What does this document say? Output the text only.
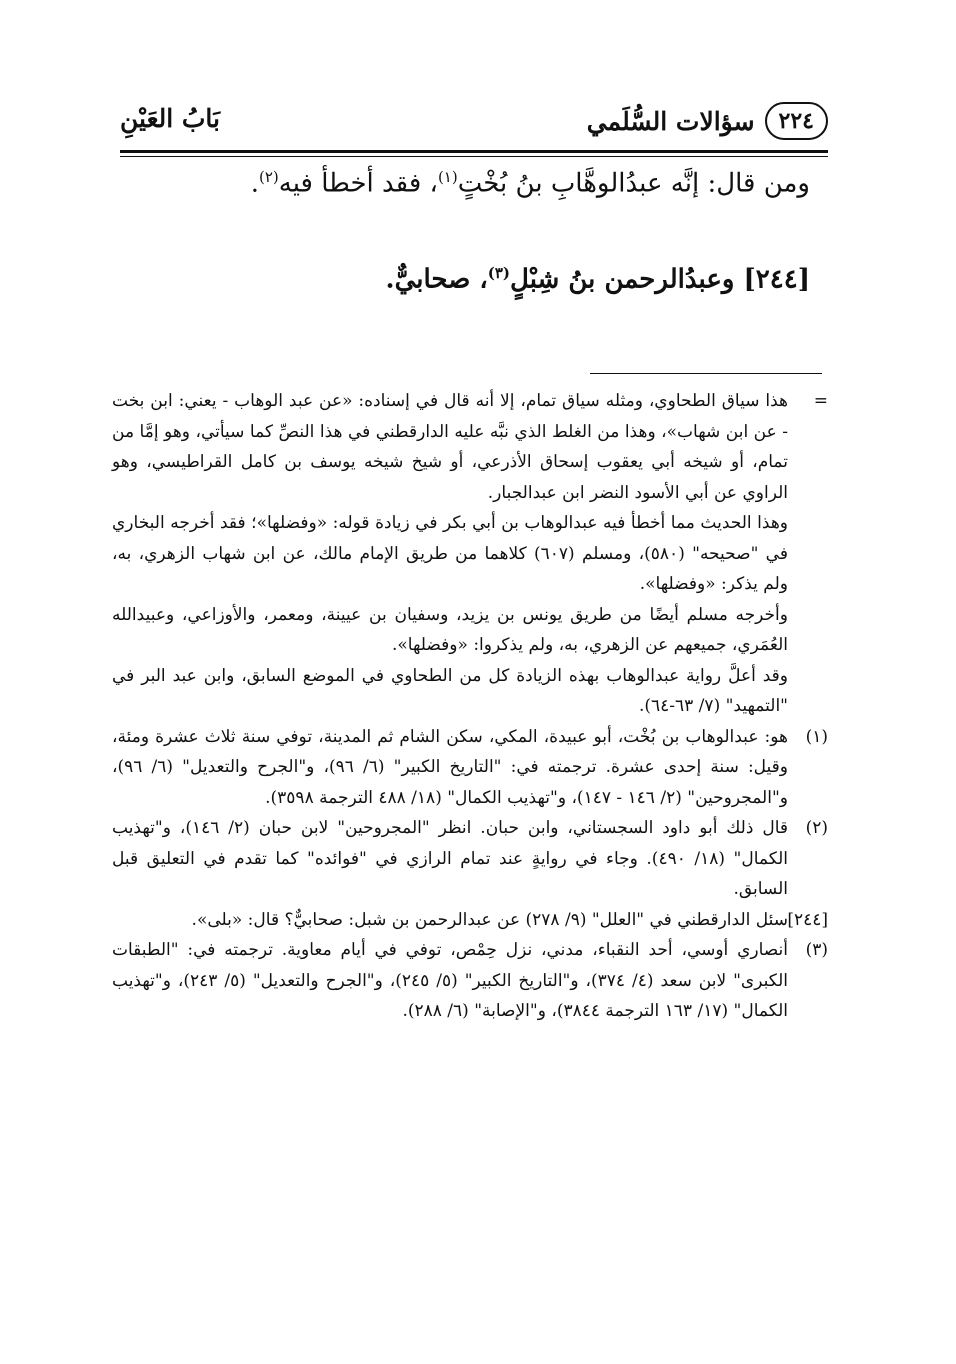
٢٢٤
سؤالات السُّلَمي
بَابُ العَيْنِ
ومن قال: إنَّه عبدُالوهَّابِ بنُ بُخْتٍ$^{(١)}$، فقد أخطأ فيه$^{(٢)}$.
[٢٤٤] وعبدُالرحمن بنُ شِبْلٍ$^{(٣)}$، صحابيٌّ.
=

هذا سياق الطحاوي، ومثله سياق تمام، إلا أنه قال في إسناده: «عن عبد الوهاب - يعني: ابن بخت - عن ابن شهاب»، وهذا من الغلط الذي نبَّه عليه الدارقطني في هذا النصِّ كما سيأتي، وهو إمَّا من تمام، أو شيخه أبي يعقوب إسحاق الأذرعي، أو شيخ شيخه يوسف بن كامل القراطيسي، وهو الراوي عن أبي الأسود النضر ابن عبدالجبار.

وهذا الحديث مما أخطأ فيه عبدالوهاب بن أبي بكر في زيادة قوله: «وفضلها»؛ فقد أخرجه البخاري في "صحيحه" (٥٨٠)، ومسلم (٦٠٧) كلاهما من طريق الإمام مالك، عن ابن شهاب الزهري، به، ولم يذكر: «وفضلها».

وأخرجه مسلم أيضًا من طريق يونس بن يزيد، وسفيان بن عيينة، ومعمر، والأوزاعي، وعبيدالله العُمَري، جميعهم عن الزهري، به، ولم يذكروا: «وفضلها».

وقد أعلَّ رواية عبدالوهاب بهذه الزيادة كل من الطحاوي في الموضع السابق، وابن عبد البر في "التمهيد" (٧/ ٦٣-٦٤).

(١)

هو: عبدالوهاب بن بُخْت، أبو عبيدة، المكي، سكن الشام ثم المدينة، توفي سنة ثلاث عشرة ومئة، وقيل: سنة إحدى عشرة. ترجمته في: "التاريخ الكبير" (٦/ ٩٦)، و"الجرح والتعديل" (٦/ ٩٦)، و"المجروحين" (٢/ ١٤٦ - ١٤٧)، و"تهذيب الكمال" (١٨/ ٤٨٨ الترجمة ٣٥٩٨).

(٢)

قال ذلك أبو داود السجستاني، وابن حبان. انظر "المجروحين" لابن حبان (٢/ ١٤٦)، و"تهذيب الكمال" (١٨/ ٤٩٠). وجاء في روايةٍ عند تمام الرازي في "فوائده" كما تقدم في التعليق قبل السابق.

[٢٤٤]

سئل الدارقطني في "العلل" (٩/ ٢٧٨) عن عبدالرحمن بن شبل: صحابيٌّ؟ قال: «بلى».

(٣)

أنصاري أوسي، أحد النقباء، مدني، نزل حِمْص، توفي في أيام معاوية. ترجمته في: "الطبقات الكبرى" لابن سعد (٤/ ٣٧٤)، و"التاريخ الكبير" (٥/ ٢٤٥)، و"الجرح والتعديل" (٥/ ٢٤٣)، و"تهذيب الكمال" (١٧/ ١٦٣ الترجمة ٣٨٤٤)، و"الإصابة" (٦/ ٢٨٨).
